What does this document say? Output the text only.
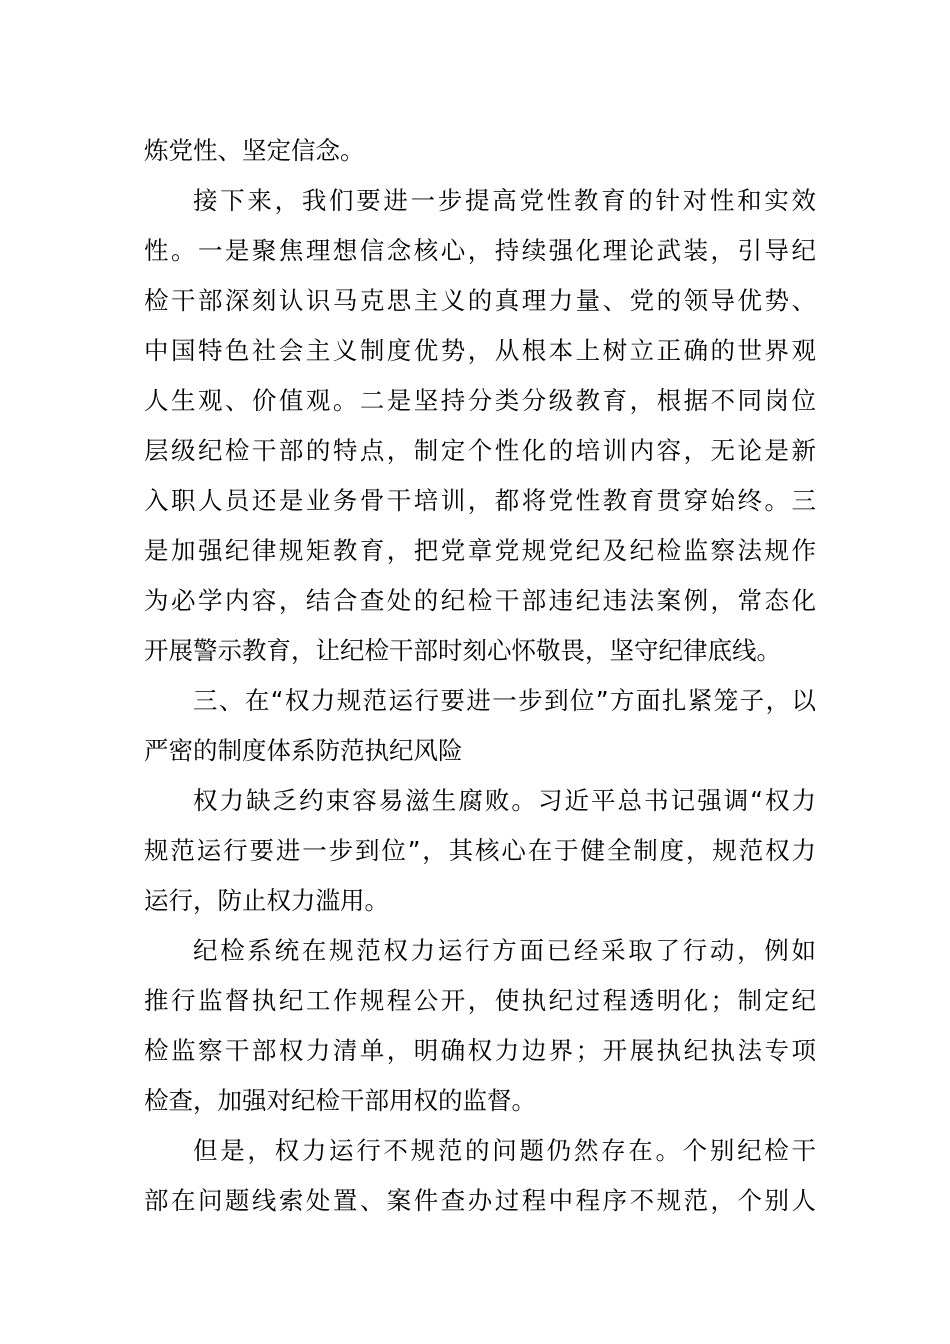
炼党性、坚定信念。
接下来，我们要进一步提高党性教育的针对性和实效
性。一是聚焦理想信念核心，持续强化理论武装，引导纪
检干部深刻认识马克思主义的真理力量、党的领导优势、
中国特色社会主义制度优势，从根本上树立正确的世界观
人生观、价值观。二是坚持分类分级教育，根据不同岗位
层级纪检干部的特点，制定个性化的培训内容，无论是新
入职人员还是业务骨干培训，都将党性教育贯穿始终。三
是加强纪律规矩教育，把党章党规党纪及纪检监察法规作
为必学内容，结合查处的纪检干部违纪违法案例，常态化
开展警示教育，让纪检干部时刻心怀敬畏，坚守纪律底线。
三、在“权力规范运行要进一步到位”方面扎紧笼子，以
严密的制度体系防范执纪风险
权力缺乏约束容易滋生腐败。习近平总书记强调“权力
规范运行要进一步到位”，其核心在于健全制度，规范权力
运行，防止权力滥用。
纪检系统在规范权力运行方面已经采取了行动，例如
推行监督执纪工作规程公开，使执纪过程透明化；制定纪
检监察干部权力清单，明确权力边界；开展执纪执法专项
检查，加强对纪检干部用权的监督。
但是，权力运行不规范的问题仍然存在。个别纪检干
部在问题线索处置、案件查办过程中程序不规范，个别人
